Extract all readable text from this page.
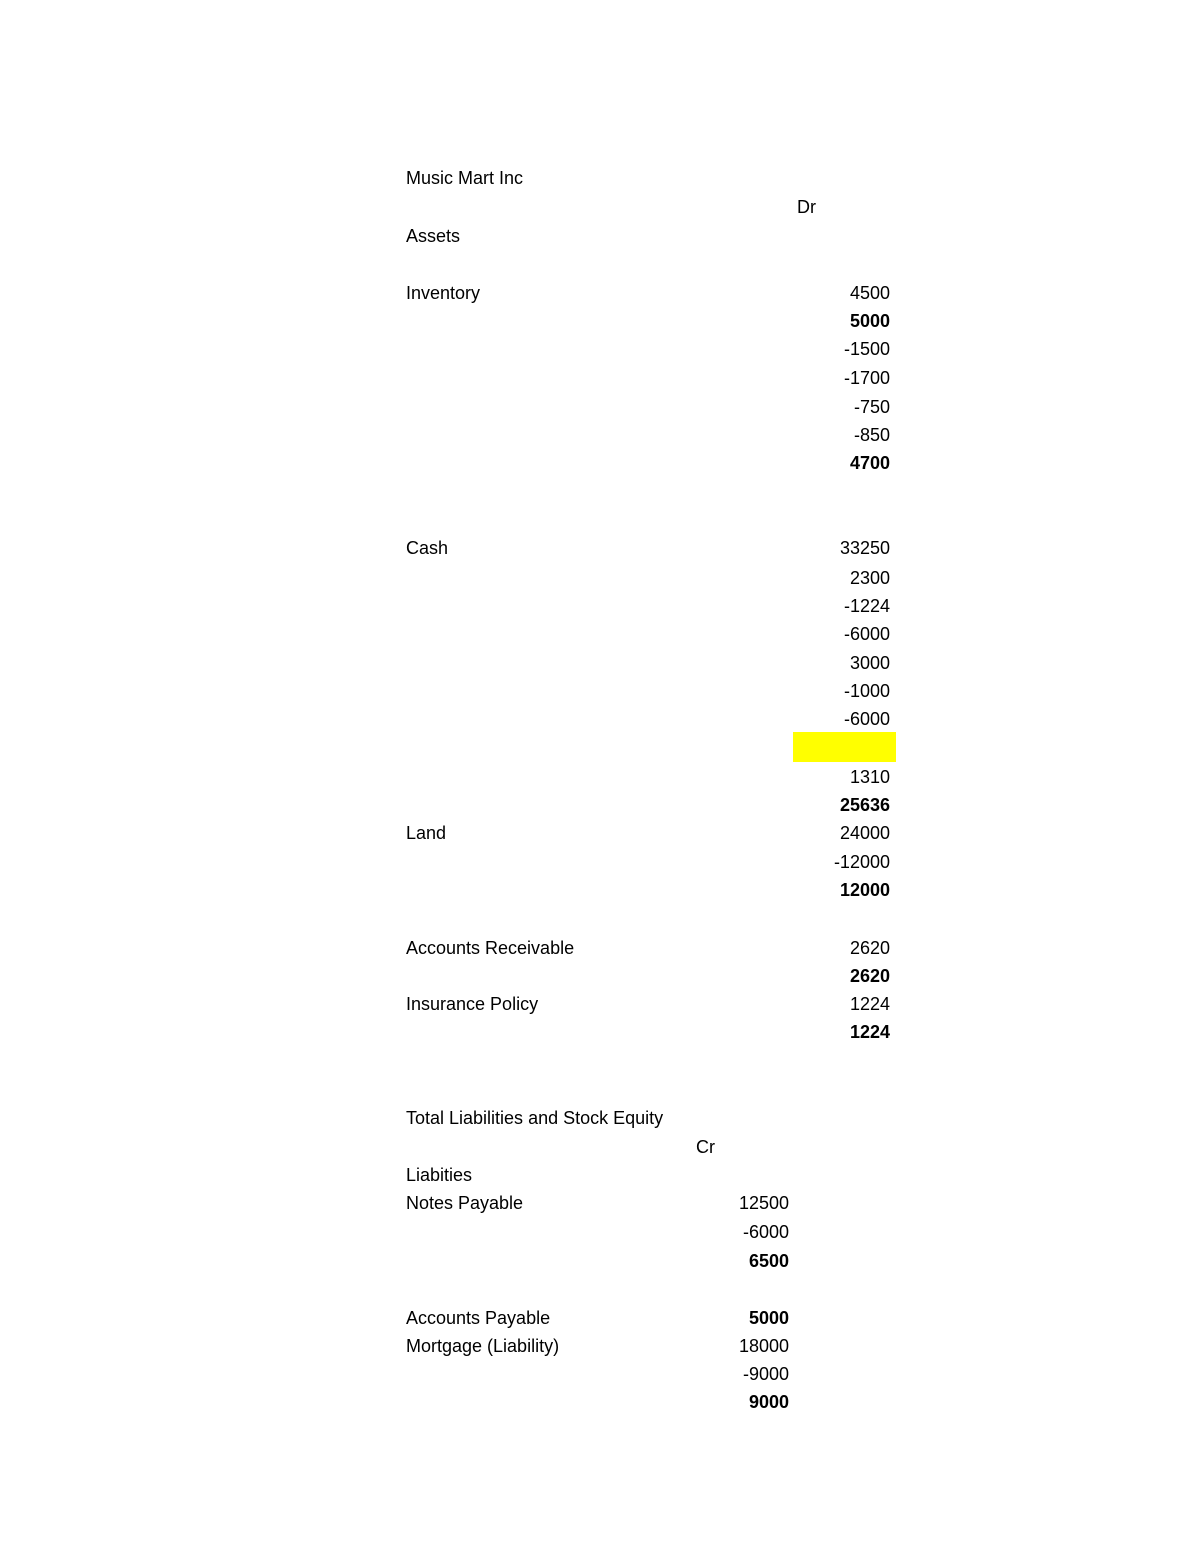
Music Mart Inc
Dr
Assets
Inventory	4500
5000
-1500
-1700
-750
-850
4700
Cash	33250
2300
-1224
-6000
3000
-1000
-6000
1310
25636
Land	24000
-12000
12000
Accounts Receivable	2620
2620
Insurance Policy	1224
1224
Total Liabilities and Stock Equity
Cr
Liabities
Notes Payable	12500
-6000
6500
Accounts Payable	5000
Mortgage (Liability)	18000
-9000
9000
